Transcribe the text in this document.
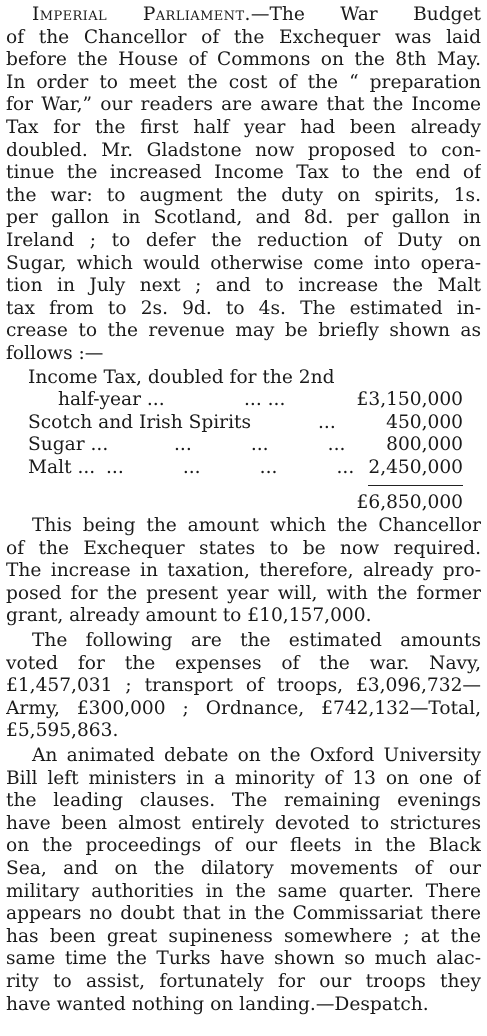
Imperial Parliament.—The War Budget
of the Chancellor of the Exchequer was laid
before the House of Commons on the 8th May.
In order to meet the cost of the “ preparation
for War,” our readers are aware that the Income
Tax for the first half year had been already
doubled. Mr. Gladstone now proposed to con-
tinue the increased Income Tax to the end of
the war: to augment the duty on spirits, 1s.
per gallon in Scotland, and 8d. per gallon in
Ireland ; to defer the reduction of Duty on
Sugar, which would otherwise come into opera-
tion in July next ; and to increase the Malt
tax from to 2s. 9d. to 4s. The estimated in-
crease to the revenue may be briefly shown as
follows :—
Income Tax, doubled for the 2nd
half-year ...	... ...	£3,150,000
Scotch and Irish Spirits	...	450,000
Sugar ...	...          ...          ... 800,000
Malt ... ...          ...          ...          ... 2,450,000
£6,850,000
This being the amount which the Chancellor
of the Exchequer states to be now required.
The increase in taxation, therefore, already pro-
posed for the present year will, with the former
grant, already amount to £10,157,000.
The following are the estimated amounts
voted for the expenses of the war. Navy,
£1,457,031 ; transport of troops, £3,096,732—
Army, £300,000 ; Ordnance, £742,132—Total,
£5,595,863.
An animated debate on the Oxford University
Bill left ministers in a minority of 13 on one of
the leading clauses. The remaining evenings
have been almost entirely devoted to strictures
on the proceedings of our fleets in the Black
Sea, and on the dilatory movements of our
military authorities in the same quarter. There
appears no doubt that in the Commissariat there
has been great supineness somewhere ; at the
same time the Turks have shown so much alac-
rity to assist, fortunately for our troops they
have wanted nothing on landing.—Despatch.
